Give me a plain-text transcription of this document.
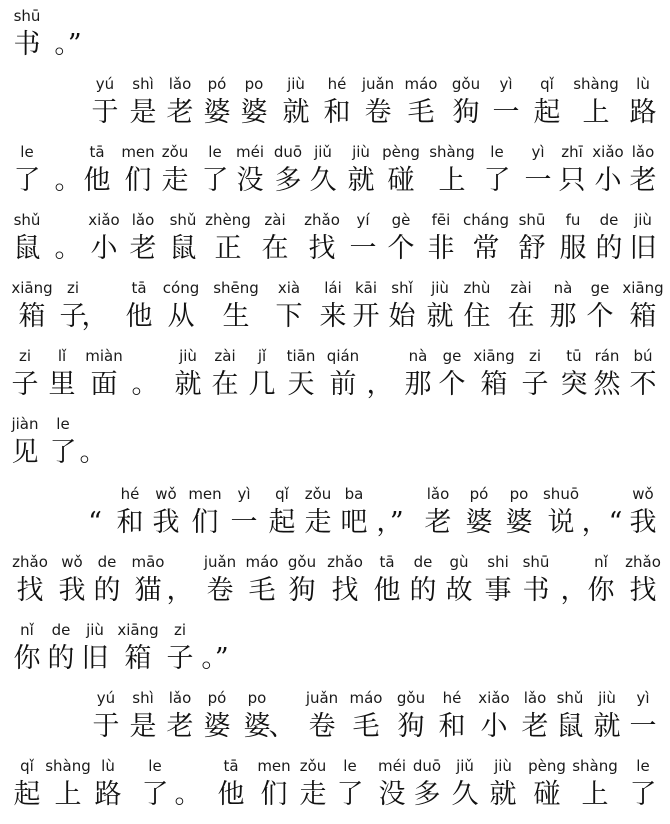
shū
书 。”
yú
于
shì
是
lǎo
老
pó
婆
po
婆
jiù
就
hé
和
juǎn
卷
máo
毛
gǒu
狗
yì
一
qǐ
起
shàng
上
lù
路
le
了 。
tā
他
men
们
zǒu
走
le
了
méi
没
duō
多
jiǔ
久
jiù
就
pèng
碰
shàng
上
le
了
yì
一
zhī
只
xiǎo
小
lǎo
老
shǔ
鼠 。
xiǎo
小
lǎo
老
shǔ
鼠
zhèng
正
zài
在
zhǎo
找
yí
一
gè
个
fēi
非
cháng
常
shū
舒
fu
服
de
的
jiù
旧
xiāng
箱
zi
子
，
tā
他
cóng
从
shēng
生
xià
下
lái
来
kāi
开
shǐ
始
jiù
就
zhù
住
zài
在
nà
那
ge
个
xiāng
箱
zi
子
lǐ
里
miàn
面 。
jiù
就
zài
在
jǐ
几
tiān
天
qián
前 ，
nà
那
ge
个
xiāng
箱
zi
子
tū
突
rán
然
bú
不
jiàn
见
le
了 。
“
hé
和
wǒ
我
men
们
yì
一
qǐ
起
zǒu
走
ba
吧 ，”
lǎo
老
pó
婆
po
婆
shuō
说 ，“
wǒ
我
zhǎo
找
wǒ
我
de
的
māo
猫 ，
juǎn
卷
máo
毛
gǒu
狗
zhǎo
找
tā
他
de
的
gù
故
shi
事
shū
书 ，
nǐ
你
zhǎo
找
nǐ
你
de
的
jiù
旧
xiāng
箱
zi
子 。”
yú
于
shì
是
lǎo
老
pó
婆
po
婆
、
juǎn
卷
máo
毛
gǒu
狗
hé
和
xiǎo
小
lǎo
老
shǔ
鼠
jiù
就
yì
一
qǐ
起
shàng
上
lù
路
le
了 。
tā
他
men
们
zǒu
走
le
了
méi
没
duō
多
jiǔ
久
jiù
就
pèng
碰
shàng
上
le
了
